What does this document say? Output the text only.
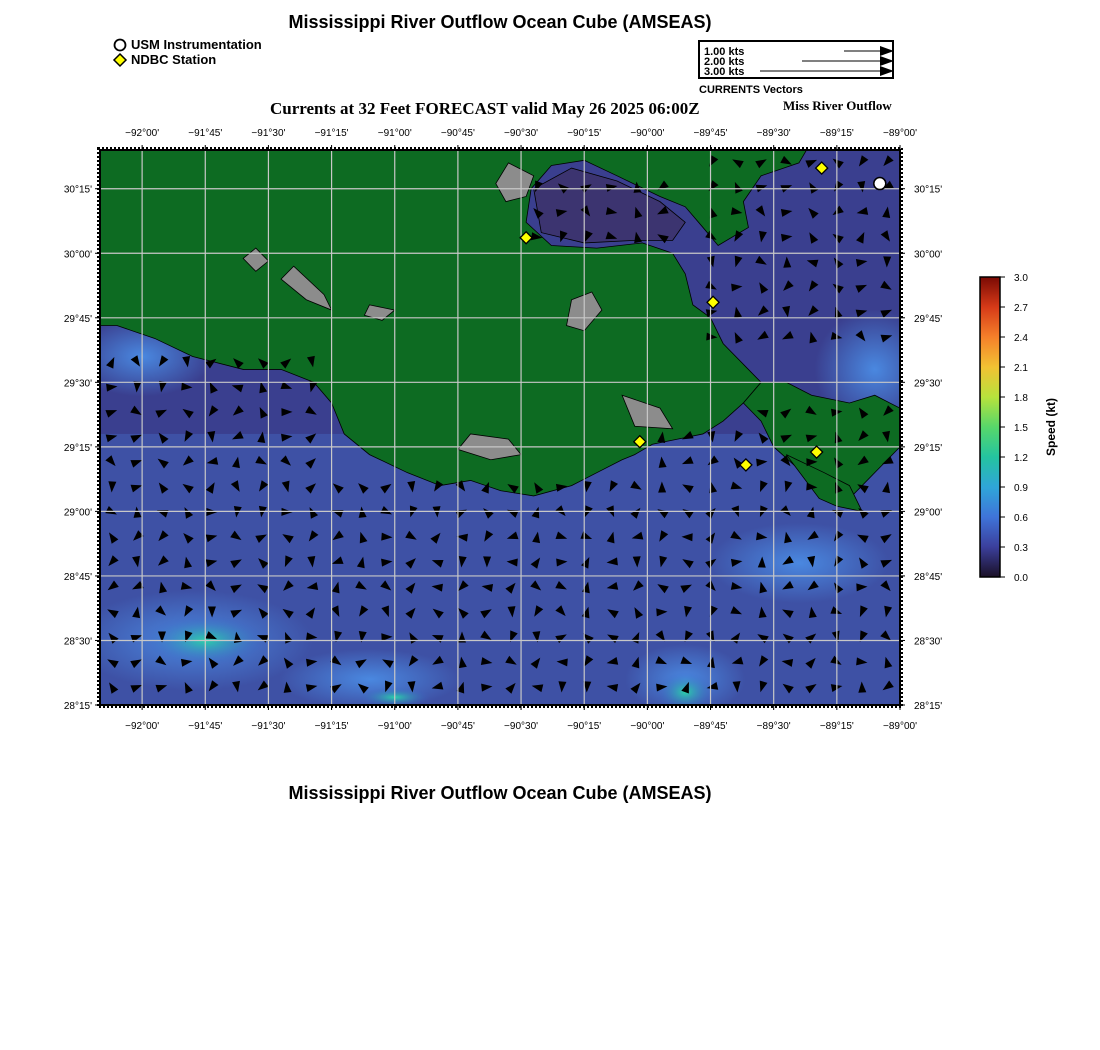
Mississippi River Outflow Ocean Cube (AMSEAS)
USM Instrumentation
NDBC Station	1.00 kts
2.00 kts
3.00 kts
CURRENTS Vectors
Currents at 32 Feet FORECAST valid May 26 2025 06:00Z	Miss River Outflow
−92°00'
−92°00'
−91°45'
−91°45'
−91°30'
−91°30'
−91°15'
−91°15'
−91°00'
−91°00'
−90°45'
−90°45'
−90°30'
−90°30'
−90°15'
−90°15'
−90°00'
−90°00'
−89°45'
−89°45'
−89°30'
−89°30'
−89°15'
−89°15'
−89°00'
−89°00'
30°15'	30°15'
30°00'	30°00'
29°45'	29°45'
29°30'	29°30'
29°15'	29°15'
29°00'	29°00'
28°45'	28°45'
28°30'	28°30'
28°15'	28°15'
0.0
0.3
0.6
0.9
1.2
1.5
1.8
2.1
2.4
2.7
3.0
Speed (kt)
Mississippi River Outflow Ocean Cube (AMSEAS)
